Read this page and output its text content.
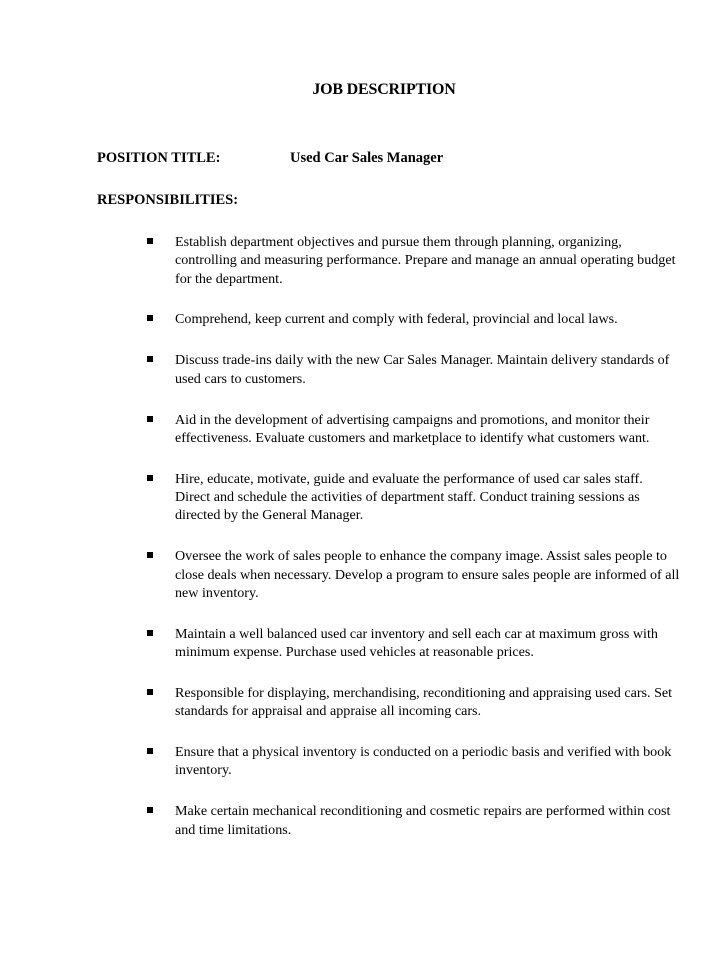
JOB DESCRIPTION
POSITION TITLE:	Used Car Sales Manager
RESPONSIBILITIES:
Establish department objectives and pursue them through planning, organizing, controlling and measuring performance. Prepare and manage an annual operating budget for the department.
Comprehend, keep current and comply with federal, provincial and local laws.
Discuss trade-ins daily with the new Car Sales Manager. Maintain delivery standards of used cars to customers.
Aid in the development of advertising campaigns and promotions, and monitor their effectiveness. Evaluate customers and marketplace to identify what customers want.
Hire, educate, motivate, guide and evaluate the performance of used car sales staff. Direct and schedule the activities of department staff. Conduct training sessions as directed by the General Manager.
Oversee the work of sales people to enhance the company image. Assist sales people to close deals when necessary. Develop a program to ensure sales people are informed of all new inventory.
Maintain a well balanced used car inventory and sell each car at maximum gross with minimum expense. Purchase used vehicles at reasonable prices.
Responsible for displaying, merchandising, reconditioning and appraising used cars. Set standards for appraisal and appraise all incoming cars.
Ensure that a physical inventory is conducted on a periodic basis and verified with book inventory.
Make certain mechanical reconditioning and cosmetic repairs are performed within cost and time limitations.
